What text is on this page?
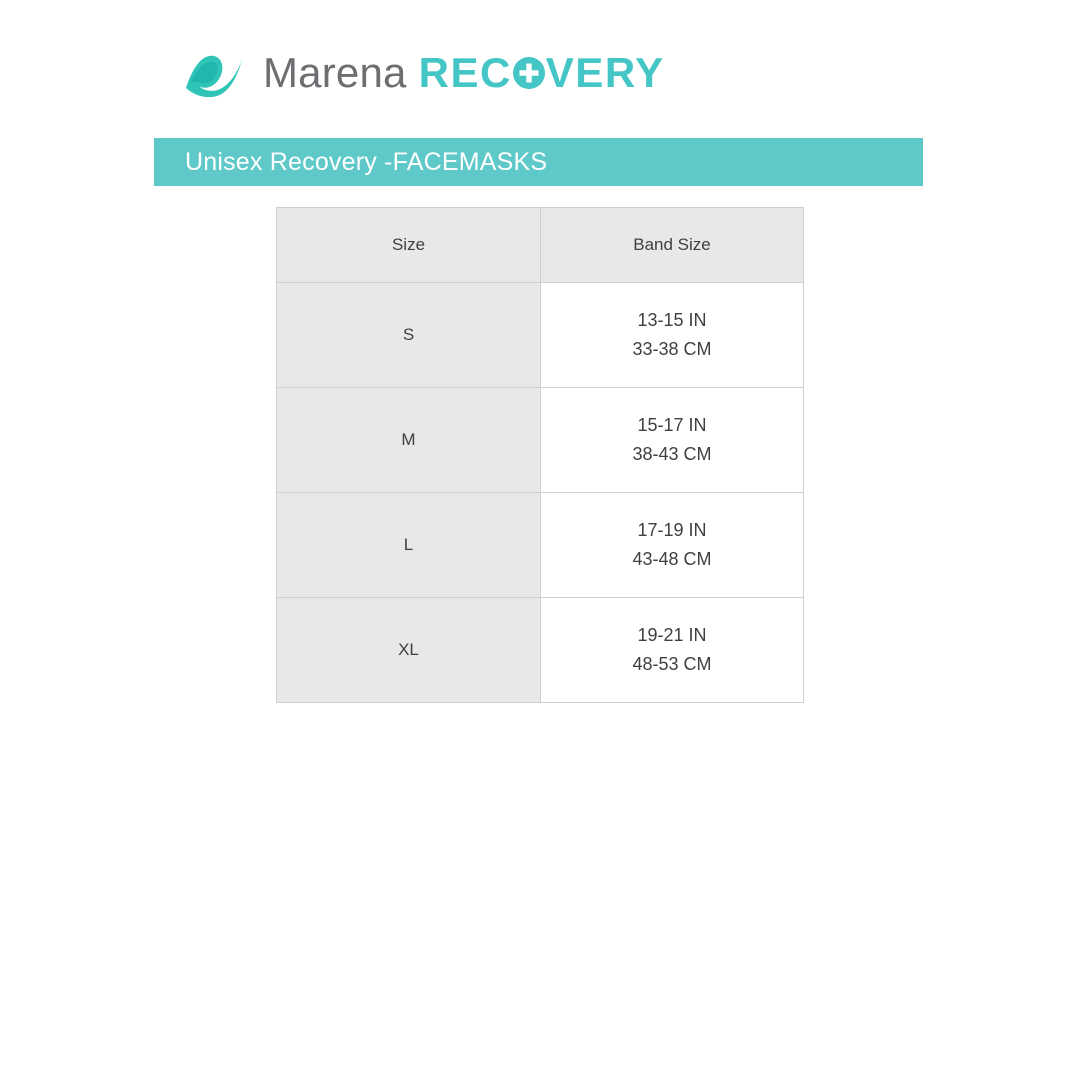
Marena REC VERY
Unisex Recovery -FACEMASKS
Size	Band Size
S	13-15 IN
33-38 CM

M	15-17 IN
38-43 CM

L	17-19 IN
43-48 CM

XL	19-21 IN
48-53 CM
